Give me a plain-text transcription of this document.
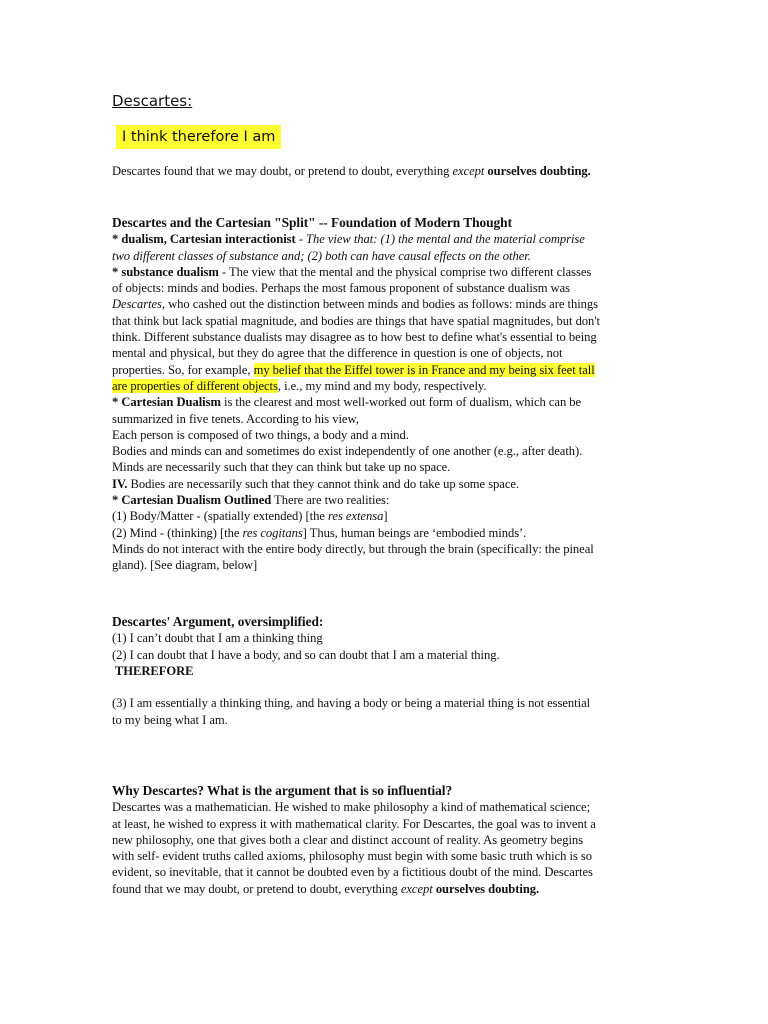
Descartes:
I think therefore I am

Descartes found that we may doubt, or pretend to doubt, everything except ourselves doubting.

Descartes and the Cartesian "Split" -- Foundation of Modern Thought

* dualism, Cartesian interactionist - The view that: (1) the mental and the material comprise

two different classes of substance and; (2) both can have causal effects on the other.

* substance dualism - The view that the mental and the physical comprise two different classes

of objects: minds and bodies. Perhaps the most famous proponent of substance dualism was

Descartes, who cashed out the distinction between minds and bodies as follows: minds are things

that think but lack spatial magnitude, and bodies are things that have spatial magnitudes, but don't

think. Different substance dualists may disagree as to how best to define what's essential to being

mental and physical, but they do agree that the difference in question is one of objects, not

properties. So, for example, my belief that the Eiffel tower is in France and my being six feet tall

are properties of different objects, i.e., my mind and my body, respectively.

* Cartesian Dualism is the clearest and most well-worked out form of dualism, which can be

summarized in five tenets. According to his view,

Each person is composed of two things, a body and a mind.

Bodies and minds can and sometimes do exist independently of one another (e.g., after death).

Minds are necessarily such that they can think but take up no space.

IV. Bodies are necessarily such that they cannot think and do take up some space.

* Cartesian Dualism Outlined There are two realities:

(1) Body/Matter - (spatially extended) [the res extensa]

(2) Mind - (thinking) [the res cogitans] Thus, human beings are ‘embodied minds’.

Minds do not interact with the entire body directly, but through the brain (specifically: the pineal

gland). [See diagram, below]

Descartes' Argument, oversimplified:

(1) I can’t doubt that I am a thinking thing

(2) I can doubt that I have a body, and so can doubt that I am a material thing.

THEREFORE

(3) I am essentially a thinking thing, and having a body or being a material thing is not essential

to my being what I am.

Why Descartes? What is the argument that is so influential?

Descartes was a mathematician. He wished to make philosophy a kind of mathematical science;

at least, he wished to express it with mathematical clarity. For Descartes, the goal was to invent a

new philosophy, one that gives both a clear and distinct account of reality. As geometry begins

with self- evident truths called axioms, philosophy must begin with some basic truth which is so

evident, so inevitable, that it cannot be doubted even by a fictitious doubt of the mind. Descartes

found that we may doubt, or pretend to doubt, everything except ourselves doubting.
